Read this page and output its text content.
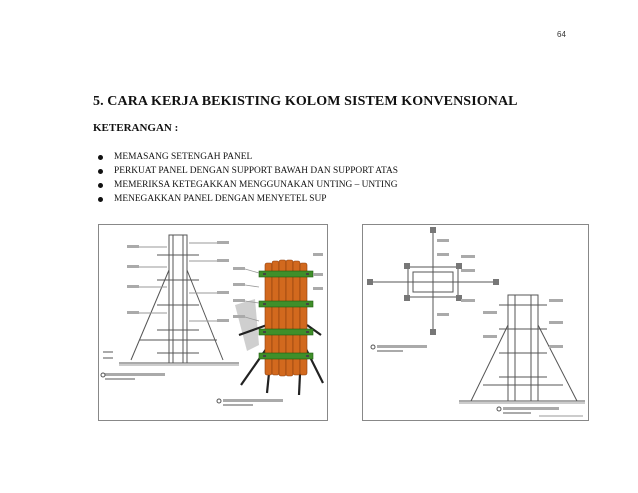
64
5. CARA KERJA BEKISTING KOLOM SISTEM KONVENSIONAL
KETERANGAN :
MEMASANG SETENGAH PANEL
PERKUAT PANEL DENGAN SUPPORT BAWAH DAN SUPPORT ATAS
MEMERIKSA KETEGAKKAN MENGGUNAKAN UNTING – UNTING
MENEGAKKAN PANEL DENGAN MENYETEL SUP
